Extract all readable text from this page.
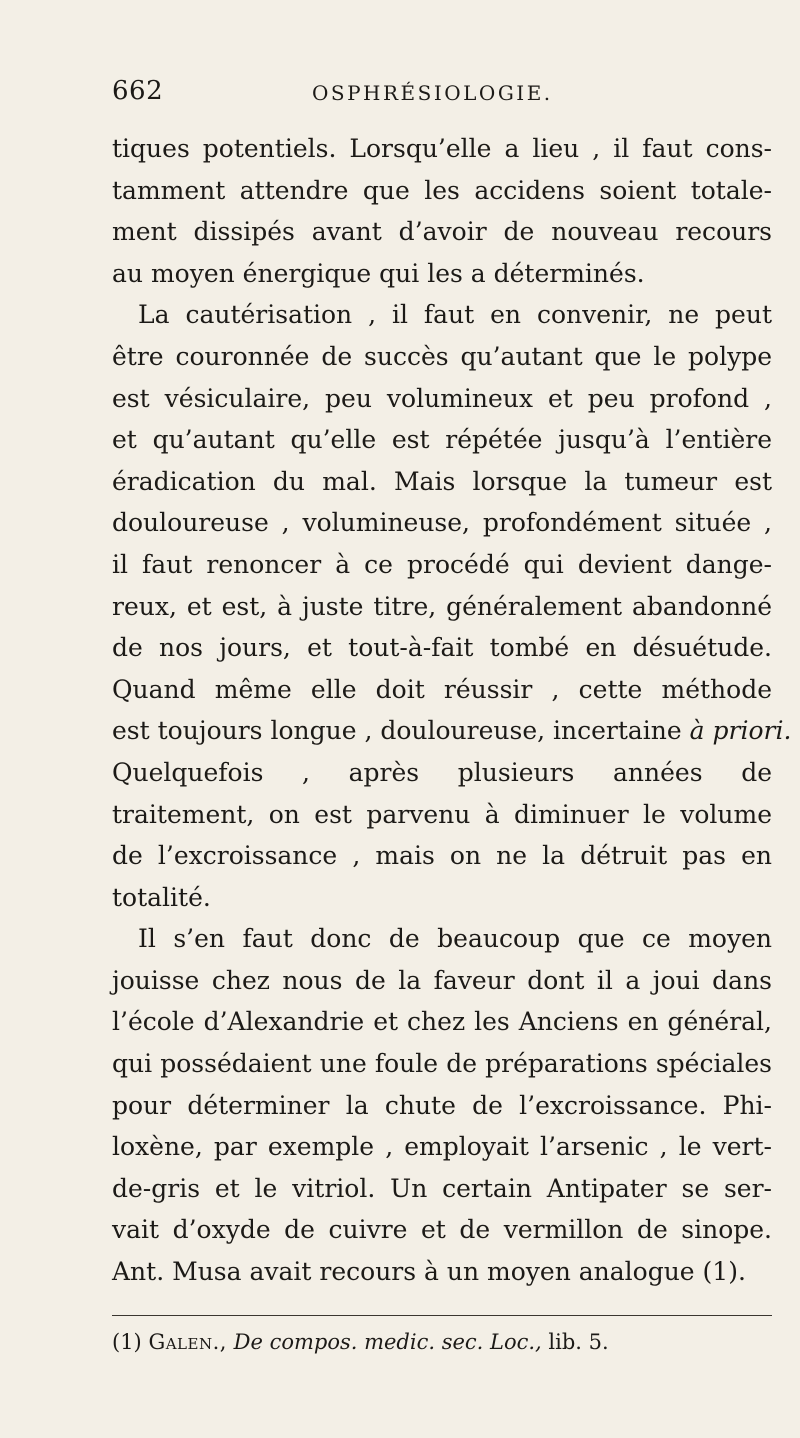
662	OSPHRÉSIOLOGIE.
tiques potentiels. Lorsqu’elle a lieu , il faut cons-
tamment attendre que les accidens soient totale-
ment dissipés avant d’avoir de nouveau recours
au moyen énergique qui les a déterminés.
La cautérisation , il faut en convenir, ne peut
être couronnée de succès qu’autant que le polype
est vésiculaire, peu volumineux et peu profond ,
et qu’autant qu’elle est répétée jusqu’à l’entière
éradication du mal. Mais lorsque la tumeur est
douloureuse , volumineuse, profondément située ,
il faut renoncer à ce procédé qui devient dange-
reux, et est, à juste titre, généralement abandonné
de nos jours, et tout-à-fait tombé en désuétude.
Quand même elle doit réussir , cette méthode
est toujours longue , douloureuse, incertaine à priori.
Quelquefois , après plusieurs années de
traitement, on est parvenu à diminuer le volume
de l’excroissance , mais on ne la détruit pas en
totalité.
Il s’en faut donc de beaucoup que ce moyen
jouisse chez nous de la faveur dont il a joui dans
l’école d’Alexandrie et chez les Anciens en général,
qui possédaient une foule de préparations spéciales
pour déterminer la chute de l’excroissance. Phi-
loxène, par exemple , employait l’arsenic , le vert-
de-gris et le vitriol. Un certain Antipater se ser-
vait d’oxyde de cuivre et de vermillon de sinope.
Ant. Musa avait recours à un moyen analogue (1).
(1) Galen., De compos. medic. sec. Loc., lib. 5.
